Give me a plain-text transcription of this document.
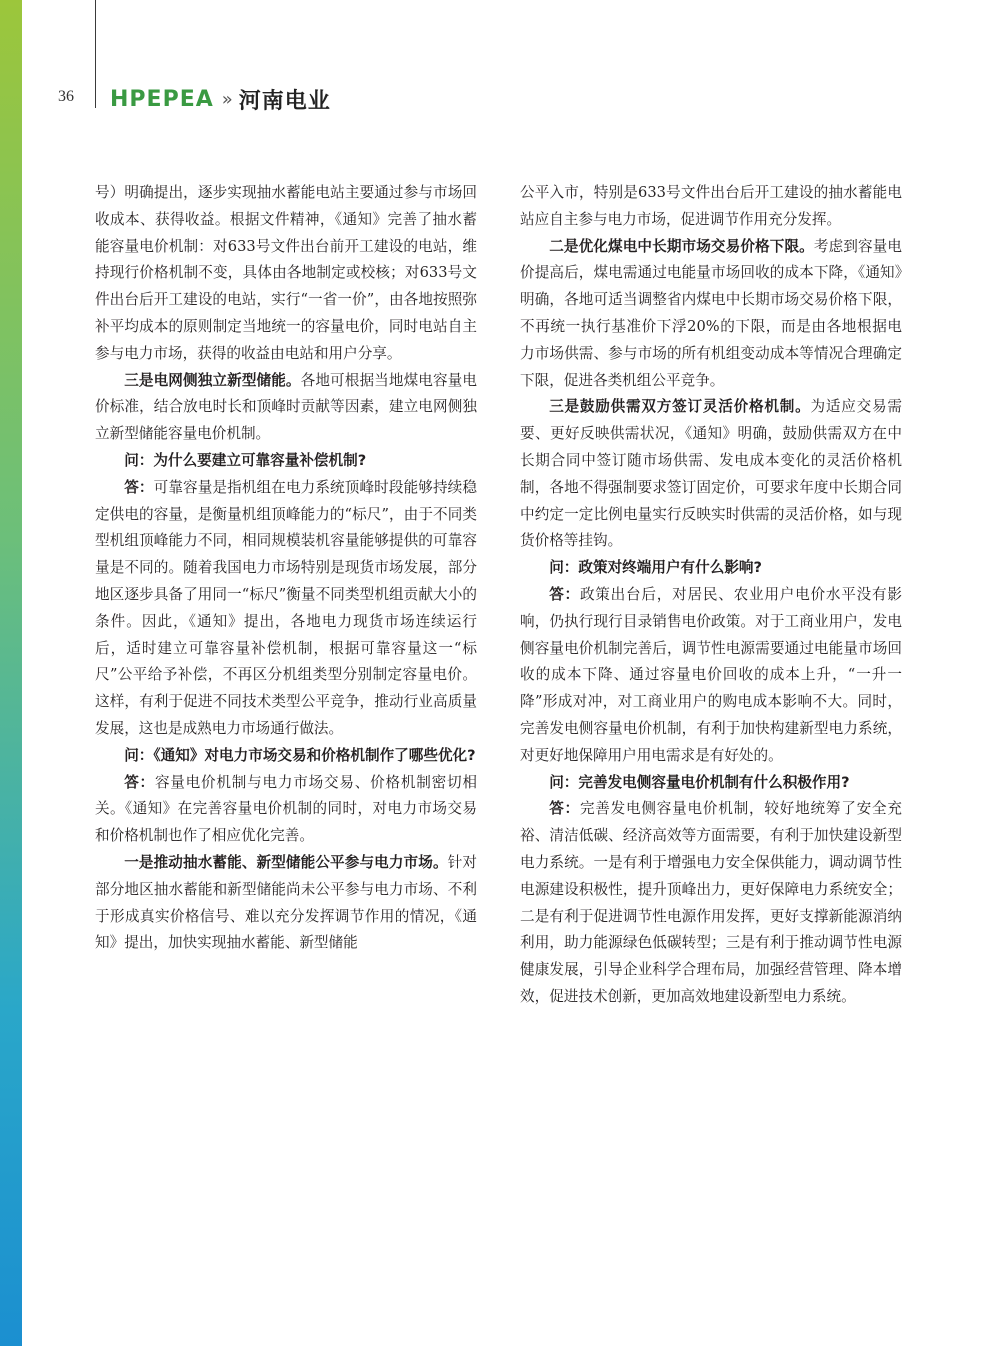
36 HPEPEA » 河南电业

号）明确提出，逐步实现抽水蓄能电站主要通过参与市场回收成本、获得收益。根据文件精神，《通知》完善了抽水蓄能容量电价机制：对633号文件出台前开工建设的电站，维持现行价格机制不变，具体由各地制定或校核；对633号文件出台后开工建设的电站，实行“一省一价”，由各地按照弥补平均成本的原则制定当地统一的容量电价，同时电站自主参与电力市场，获得的收益由电站和用户分享。

三是电网侧独立新型储能。各地可根据当地煤电容量电价标准，结合放电时长和顶峰时贡献等因素，建立电网侧独立新型储能容量电价机制。

问：为什么要建立可靠容量补偿机制?

答：可靠容量是指机组在电力系统顶峰时段能够持续稳定供电的容量，是衡量机组顶峰能力的“标尺”，由于不同类型机组顶峰能力不同，相同规模装机容量能够提供的可靠容量是不同的。随着我国电力市场特别是现货市场发展，部分地区逐步具备了用同一“标尺”衡量不同类型机组贡献大小的条件。因此，《通知》提出，各地电力现货市场连续运行后，适时建立可靠容量补偿机制，根据可靠容量这一“标尺”公平给予补偿，不再区分机组类型分别制定容量电价。这样，有利于促进不同技术类型公平竞争，推动行业高质量发展，这也是成熟电力市场通行做法。

问：《通知》对电力市场交易和价格机制作了哪些优化?

答：容量电价机制与电力市场交易、价格机制密切相关。《通知》在完善容量电价机制的同时，对电力市场交易和价格机制也作了相应优化完善。

一是推动抽水蓄能、新型储能公平参与电力市场。针对部分地区抽水蓄能和新型储能尚未公平参与电力市场、不利于形成真实价格信号、难以充分发挥调节作用的情况，《通知》提出，加快实现抽水蓄能、新型储能

公平入市，特别是633号文件出台后开工建设的抽水蓄能电站应自主参与电力市场，促进调节作用充分发挥。

二是优化煤电中长期市场交易价格下限。考虑到容量电价提高后，煤电需通过电能量市场回收的成本下降，《通知》明确，各地可适当调整省内煤电中长期市场交易价格下限，不再统一执行基准价下浮20%的下限，而是由各地根据电力市场供需、参与市场的所有机组变动成本等情况合理确定下限，促进各类机组公平竞争。

三是鼓励供需双方签订灵活价格机制。为适应交易需要、更好反映供需状况，《通知》明确，鼓励供需双方在中长期合同中签订随市场供需、发电成本变化的灵活价格机制，各地不得强制要求签订固定价，可要求年度中长期合同中约定一定比例电量实行反映实时供需的灵活价格，如与现货价格等挂钩。

问：政策对终端用户有什么影响?

答：政策出台后，对居民、农业用户电价水平没有影响，仍执行现行目录销售电价政策。对于工商业用户，发电侧容量电价机制完善后，调节性电源需要通过电能量市场回收的成本下降、通过容量电价回收的成本上升，“一升一降”形成对冲，对工商业用户的购电成本影响不大。同时，完善发电侧容量电价机制，有利于加快构建新型电力系统，对更好地保障用户用电需求是有好处的。

问：完善发电侧容量电价机制有什么积极作用?

答：完善发电侧容量电价机制，较好地统筹了安全充裕、清洁低碳、经济高效等方面需要，有利于加快建设新型电力系统。一是有利于增强电力安全保供能力，调动调节性电源建设积极性，提升顶峰出力，更好保障电力系统安全；二是有利于促进调节性电源作用发挥，更好支撑新能源消纳利用，助力能源绿色低碳转型；三是有利于推动调节性电源健康发展，引导企业科学合理布局，加强经营管理、降本增效，促进技术创新，更加高效地建设新型电力系统。
